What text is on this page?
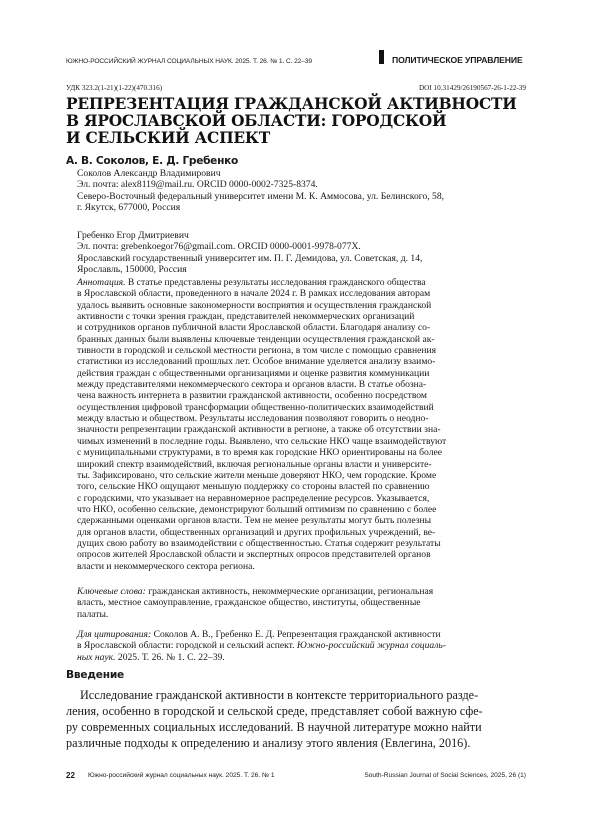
ЮЖНО-РОССИЙСКИЙ ЖУРНАЛ СОЦИАЛЬНЫХ НАУК. 2025. Т. 26. № 1. С. 22–39	ПОЛИТИЧЕСКОЕ УПРАВЛЕНИЕ
УДК 323.2(1-21)(1-22)(470.316)	DOI 10.31429/26190567-26-1-22-39
РЕПРЕЗЕНТАЦИЯ ГРАЖДАНСКОЙ АКТИВНОСТИ
В ЯРОСЛАВСКОЙ ОБЛАСТИ: ГОРОДСКОЙ
И СЕЛЬСКИЙ АСПЕКТ
А. В. Соколов, Е. Д. Гребенко
Соколов Александр Владимирович
Эл. почта: alex8119@mail.ru. ORCID 0000-0002-7325-8374.
Северо-Восточный федеральный университет имени М. К. Аммосова, ул. Белинского, 58,
г. Якутск, 677000, Россия
Гребенко Егор Дмитриевич
Эл. почта: grebenkoegor76@gmail.com. ORCID 0000-0001-9978-077X.
Ярославский государственный университет им. П. Г. Демидова, ул. Советская, д. 14,
Ярославль, 150000, Россия
Аннотация. В статье представлены результаты исследования гражданского общества
в Ярославской области, проведенного в начале 2024 г. В рамках исследования авторам
удалось выявить основные закономерности восприятия и осуществления гражданской
активности с точки зрения граждан, представителей некоммерческих организаций
и сотрудников органов публичной власти Ярославской области. Благодаря анализу со-
бранных данных были выявлены ключевые тенденции осуществления гражданской ак-
тивности в городской и сельской местности региона, в том числе с помощью сравнения
статистики из исследований прошлых лет. Особое внимание уделяется анализу взаимо-
действия граждан с общественными организациями и оценке развития коммуникации
между представителями некоммерческого сектора и органов власти. В статье обозна-
чена важность интернета в развитии гражданской активности, особенно посредством
осуществления цифровой трансформации общественно-политических взаимодействий
между властью и обществом. Результаты исследования позволяют говорить о неодно-
значности репрезентации гражданской активности в регионе, а также об отсутствии зна-
чимых изменений в последние годы. Выявлено, что сельские НКО чаще взаимодействуют
с муниципальными структурами, в то время как городские НКО ориентированы на более
широкий спектр взаимодействий, включая региональные органы власти и университе-
ты. Зафиксировано, что сельские жители меньше доверяют НКО, чем городские. Кроме
того, сельские НКО ощущают меньшую поддержку со стороны властей по сравнению
с городскими, что указывает на неравномерное распределение ресурсов. Указывается,
что НКО, особенно сельские, демонстрируют больший оптимизм по сравнению с более
сдержанными оценками органов власти. Тем не менее результаты могут быть полезны
для органов власти, общественных организаций и других профильных учреждений, ве-
дущих свою работу во взаимодействии с общественностью. Статья содержит результаты
опросов жителей Ярославской области и экспертных опросов представителей органов
власти и некоммерческого сектора региона.
Ключевые слова: гражданская активность, некоммерческие организации, региональная
власть, местное самоуправление, гражданское общество, институты, общественные
палаты.
Для цитирования: Соколов А. В., Гребенко Е. Д. Репрезентация гражданской активности
в Ярославской области: городской и сельский аспект. Южно-российский журнал социаль-
ных наук. 2025. Т. 26. № 1. С. 22–39.
Введение
Исследование гражданской активности в контексте территориального разде-
ления, особенно в городской и сельской среде, представляет собой важную сфе-
ру современных социальных исследований. В научной литературе можно найти
различные подходы к определению и анализу этого явления (Евлегина, 2016).
22 Южно-российский журнал социальных наук. 2025. Т. 26. № 1	South-Russian Journal of Social Sciences, 2025, 26 (1)
